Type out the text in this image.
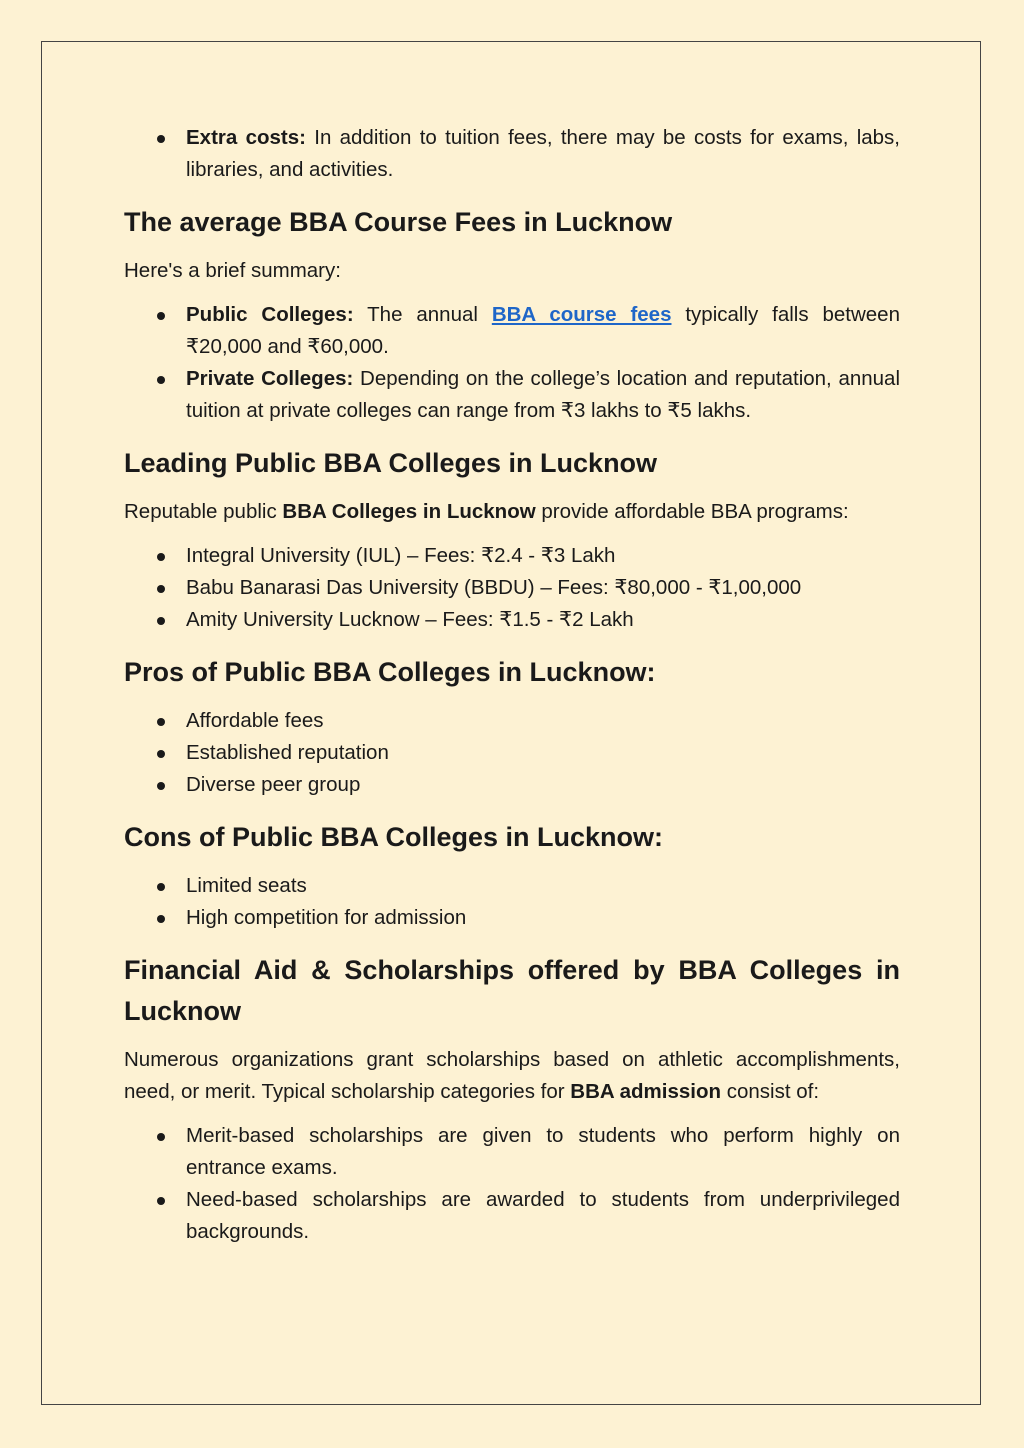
Extra costs: In addition to tuition fees, there may be costs for exams, labs, libraries, and activities.
The average BBA Course Fees in Lucknow

Here's a brief summary:

Public Colleges: The annual BBA course fees typically falls between ₹20,000 and ₹60,000.
Private Colleges: Depending on the college’s location and reputation, annual tuition at private colleges can range from ₹3 lakhs to ₹5 lakhs.
Leading Public BBA Colleges in Lucknow

Reputable public BBA Colleges in Lucknow provide affordable BBA programs:

Integral University (IUL) – Fees: ₹2.4 - ₹3 Lakh
Babu Banarasi Das University (BBDU) – Fees: ₹80,000 - ₹1,00,000
Amity University Lucknow – Fees: ₹1.5 - ₹2 Lakh
Pros of Public BBA Colleges in Lucknow:
Affordable fees
Established reputation
Diverse peer group
Cons of Public BBA Colleges in Lucknow:
Limited seats
High competition for admission
Financial Aid & Scholarships offered by BBA Colleges in Lucknow

Numerous organizations grant scholarships based on athletic accomplishments, need, or merit. Typical scholarship categories for BBA admission consist of:

Merit-based scholarships are given to students who perform highly on entrance exams.
Need-based scholarships are awarded to students from underprivileged backgrounds.
